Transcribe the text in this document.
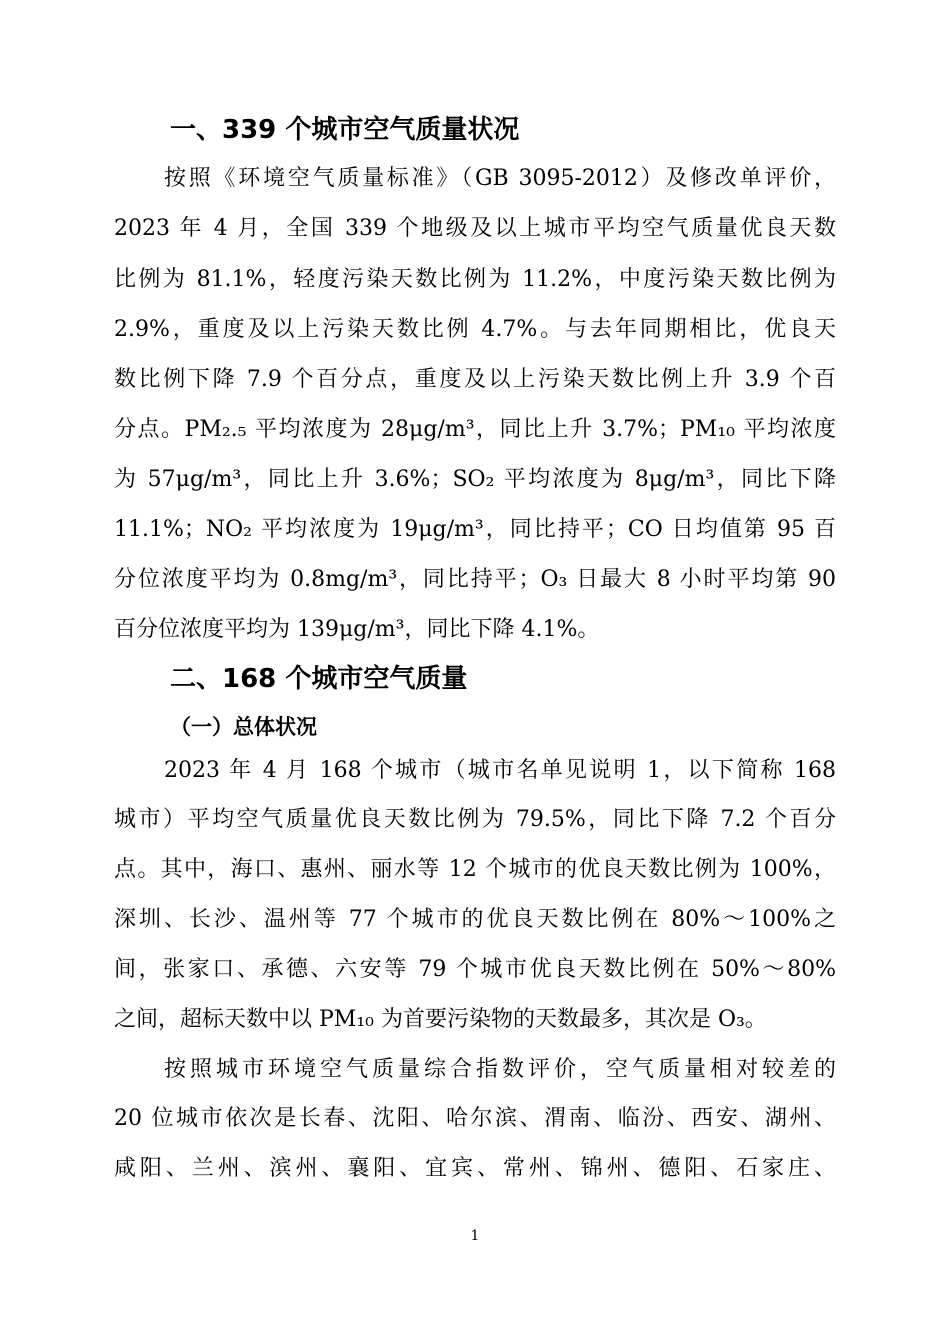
一、339 个城市空气质量状况

按照《环境空气质量标准》（GB 3095-2012）及修改单评价，

2023 年 4 月，全国 339 个地级及以上城市平均空气质量优良天数

比例为 81.1%，轻度污染天数比例为 11.2%，中度污染天数比例为

2.9%，重度及以上污染天数比例 4.7%。与去年同期相比，优良天

数比例下降 7.9 个百分点，重度及以上污染天数比例上升 3.9 个百

分点。PM₂.₅ 平均浓度为 28μg/m³，同比上升 3.7%；PM₁₀ 平均浓度

为 57μg/m³，同比上升 3.6%；SO₂ 平均浓度为 8μg/m³，同比下降

11.1%；NO₂ 平均浓度为 19μg/m³，同比持平；CO 日均值第 95 百

分位浓度平均为 0.8mg/m³，同比持平；O₃ 日最大 8 小时平均第 90

百分位浓度平均为 139μg/m³，同比下降 4.1%。

二、168 个城市空气质量
（一）总体状况

2023 年 4 月 168 个城市（城市名单见说明 1，以下简称 168

城市）平均空气质量优良天数比例为 79.5%，同比下降 7.2 个百分

点。其中，海口、惠州、丽水等 12 个城市的优良天数比例为 100%，

深圳、长沙、温州等 77 个城市的优良天数比例在 80%～100%之

间，张家口、承德、六安等 79 个城市优良天数比例在 50%～80%

之间，超标天数中以 PM₁₀ 为首要污染物的天数最多，其次是 O₃。

按照城市环境空气质量综合指数评价，空气质量相对较差的

20 位城市依次是长春、沈阳、哈尔滨、渭南、临汾、西安、湖州、

咸阳、兰州、滨州、襄阳、宜宾、常州、锦州、德阳、石家庄、

1
